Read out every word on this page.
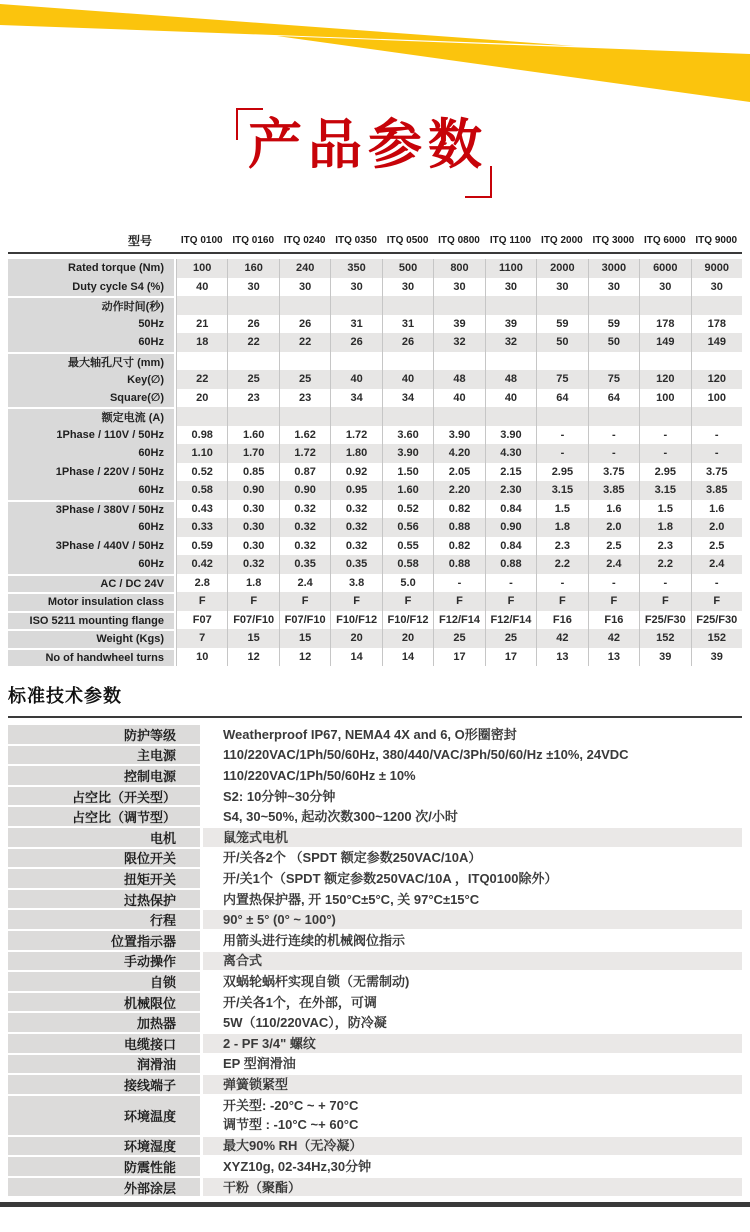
产品参数
型号	ITQ 0100 ITQ 0160 ITQ 0240 ITQ 0350 ITQ 0500 ITQ 0800	ITQ 1100	ITQ 2000 ITQ 3000 ITQ 6000 ITQ 9000
Rated torque (Nm)	100	160	240	350	500	800	1100	2000	3000	6000	9000
Duty cycle S4 (%)	40	30	30	30	30	30	30	30	30	30	30
动作时间(秒)
50Hz	21	26	26	31	31	39	39	59	59	178	178
60Hz	18	22	22	26	26	32	32	50	50	149	149
最大轴孔尺寸 (mm)
Key(∅)	22	25	25	40	40	48	48	75	75	120	120
Square(∅)	20	23	23	34	34	40	40	64	64	100	100
额定电流 (A)
1Phase / 110V / 50Hz	0.98	1.60	1.62	1.72	3.60	3.90	3.90	-	-	-	-
60Hz	1.10	1.70	1.72	1.80	3.90	4.20	4.30	-	-	-	-
1Phase / 220V / 50Hz	0.52	0.85	0.87	0.92	1.50	2.05	2.15	2.95	3.75	2.95	3.75
60Hz	0.58	0.90	0.90	0.95	1.60	2.20	2.30	3.15	3.85	3.15	3.85
3Phase / 380V / 50Hz	0.43	0.30	0.32	0.32	0.52	0.82	0.84	1.5	1.6	1.5	1.6
60Hz	0.33	0.30	0.32	0.32	0.56	0.88	0.90	1.8	2.0	1.8	2.0
3Phase / 440V / 50Hz	0.59	0.30	0.32	0.32	0.55	0.82	0.84	2.3	2.5	2.3	2.5
60Hz	0.42	0.32	0.35	0.35	0.58	0.88	0.88	2.2	2.4	2.2	2.4
AC / DC 24V	2.8	1.8	2.4	3.8	5.0	-	-	-	-	-	-
Motor insulation class	F	F	F	F	F	F	F	F	F	F	F
ISO 5211 mounting flange	F07	F07/F10 F07/F10 F10/F12 F10/F12 F12/F14 F12/F14	F16	F16	F25/F30 F25/F30
Weight (Kgs)	7	15	15	20	20	25	25	42	42	152	152
No of handwheel turns	10	12	12	14	14	17	17	13	13	39	39
标准技术参数
防护等级	Weatherproof IP67, NEMA4 4X and 6, O形圈密封
主电源	110/220VAC/1Ph/50/60Hz, 380/440/VAC/3Ph/50/60/Hz ±10%, 24VDC
控制电源	110/220VAC/1Ph/50/60Hz ± 10%
占空比（开关型）	S2: 10分钟~30分钟
占空比（调节型）	S4, 30~50%, 起动次数300~1200 次/小时
电机	鼠笼式电机
限位开关	开/关各2个 （SPDT 额定参数250VAC/10A）
扭矩开关	开/关1个（SPDT 额定参数250VAC/10A ，ITQ0100除外）
过热保护	内置热保护器, 开 150°C±5°C, 关 97°C±15°C
行程	90° ± 5° (0° ~ 100°)
位置指示器	用箭头进行连续的机械阀位指示
手动操作	离合式
自锁	双蜗轮蜗杆实现自锁（无需制动)
机械限位	开/关各1个，在外部，可调
加热器	5W（110/220VAC），防冷凝
电缆接口	2 - PF 3/4" 螺纹
润滑油	EP 型润滑油
接线端子	弹簧锁紧型
环境温度
开关型: -20°C ~ + 70°C
调节型 : -10°C ~+ 60°C
环境湿度	最大90% RH（无冷凝）
防震性能	XYZ10g, 02-34Hz,30分钟
外部涂层	干粉（聚酯）
